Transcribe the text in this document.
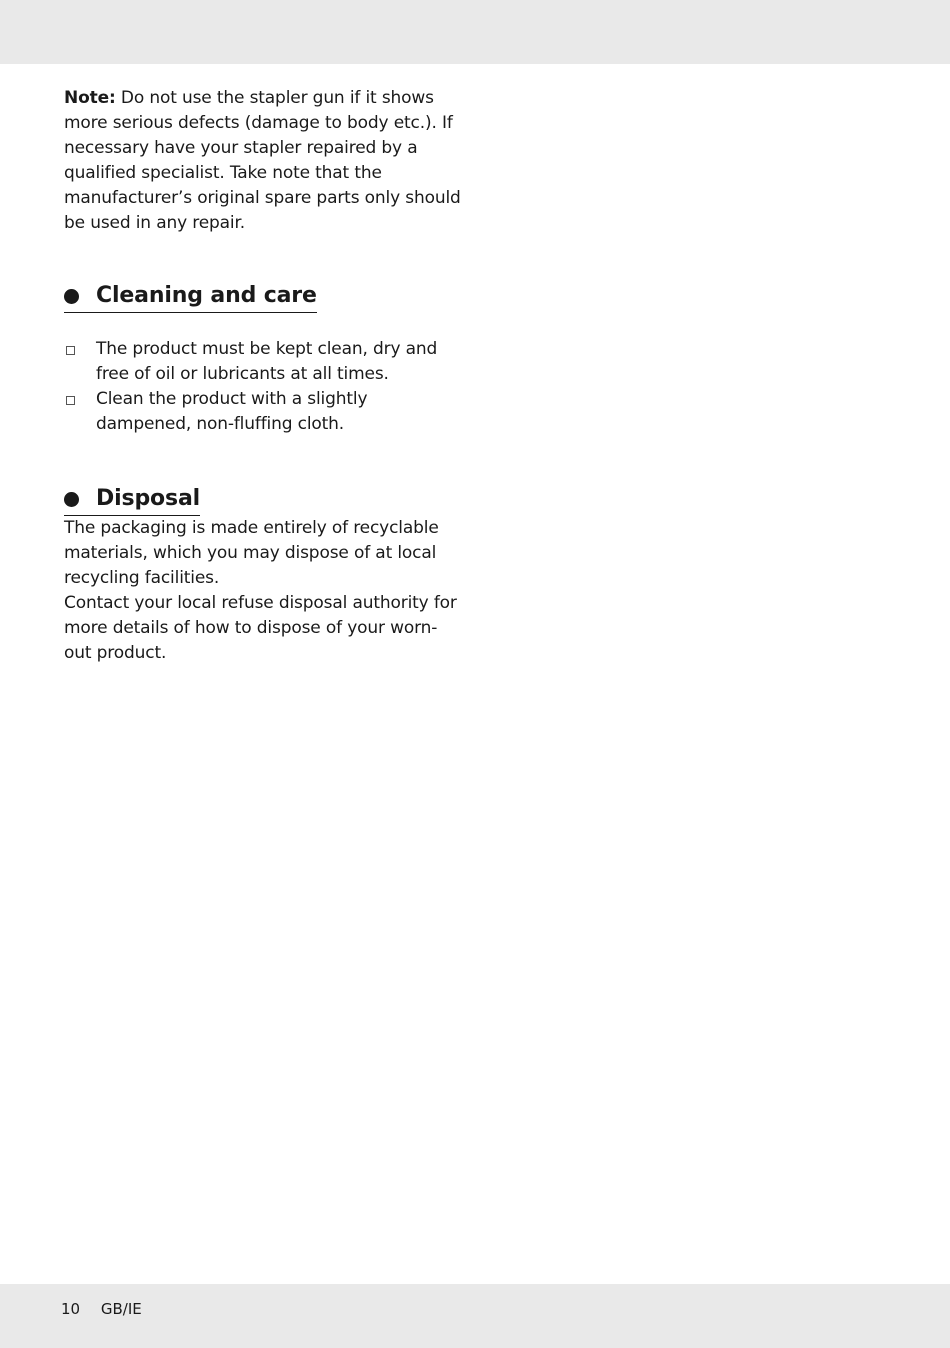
Note: Do not use the stapler gun if it shows more serious defects (damage to body etc.). If necessary have your stapler repaired by a qualified specialist. Take note that the manufacturer’s original spare parts only should be used in any repair.

Cleaning and care
The product must be kept clean, dry and free of oil or lubricants at all times.
Clean the product with a slightly dampened, non-fluffing cloth.
Disposal

The packaging is made entirely of recyclable materials, which you may dispose of at local recycling facilities.

Contact your local refuse disposal authority for more details of how to dispose of your worn-out product.

10 GB/IE
